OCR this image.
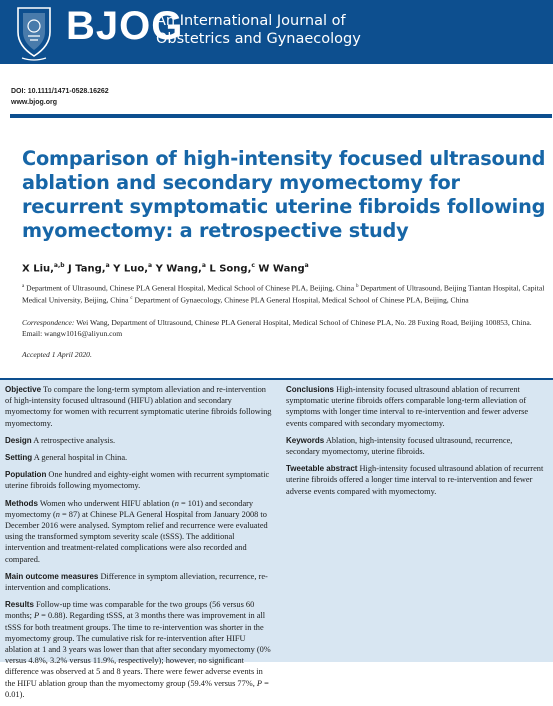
BJOG
An International Journal of
Obstetrics and Gynaecology
DOI: 10.1111/1471-0528.16262
www.bjog.org
Comparison of high-intensity focused ultrasound ablation and secondary myomectomy for recurrent symptomatic uterine fibroids following myomectomy: a retrospective study
X Liu,$^{a,b}$ J Tang,$^a$ Y Luo,$^a$ Y Wang,$^a$ L Song,$^c$ W Wang$^a$
$^a$ Department of Ultrasound, Chinese PLA General Hospital, Medical School of Chinese PLA, Beijing, China $^b$ Department of Ultrasound, Beijing Tiantan Hospital, Capital Medical University, Beijing, China $^c$ Department of Gynaecology, Chinese PLA General Hospital, Medical School of Chinese PLA, Beijing, China
Correspondence: Wei Wang, Department of Ultrasound, Chinese PLA General Hospital, Medical School of Chinese PLA, No. 28 Fuxing Road, Beijing 100853, China. Email: wangw1016@aliyun.com
Accepted 1 April 2020.

Objective To compare the long-term symptom alleviation and re-intervention of high-intensity focused ultrasound (HIFU) ablation and secondary myomectomy for women with recurrent symptomatic uterine fibroids following myomectomy.

Design A retrospective analysis.

Setting A general hospital in China.

Population One hundred and eighty-eight women with recurrent symptomatic uterine fibroids following myomectomy.

Methods Women who underwent HIFU ablation (n = 101) and secondary myomectomy (n = 87) at Chinese PLA General Hospital from January 2008 to December 2016 were analysed. Symptom relief and recurrence were evaluated using the transformed symptom severity scale (tSSS). The additional intervention and treatment-related complications were also recorded and compared.

Main outcome measures Difference in symptom alleviation, recurrence, re-intervention and complications.

Results Follow-up time was comparable for the two groups (56 versus 60 months; P = 0.88). Regarding tSSS, at 3 months there was improvement in all tSSS for both treatment groups. The time to re-intervention was shorter in the myomectomy group. The cumulative risk for re-intervention after HIFU ablation at 1 and 3 years was lower than that after secondary myomectomy (0% versus 4.8%, 3.2% versus 11.9%, respectively); however, no significant difference was observed at 5 and 8 years. There were fewer adverse events in the HIFU ablation group than the myomectomy group (59.4% versus 77%, P = 0.01).

Conclusions High-intensity focused ultrasound ablation of recurrent symptomatic uterine fibroids offers comparable long-term alleviation of symptoms with longer time interval to re-intervention and fewer adverse events compared with secondary myomectomy.

Keywords Ablation, high-intensity focused ultrasound, recurrence, secondary myomectomy, uterine fibroids.

Tweetable abstract High-intensity focused ultrasound ablation of recurrent uterine fibroids offered a longer time interval to re-intervention and fewer adverse events compared with myomectomy.
